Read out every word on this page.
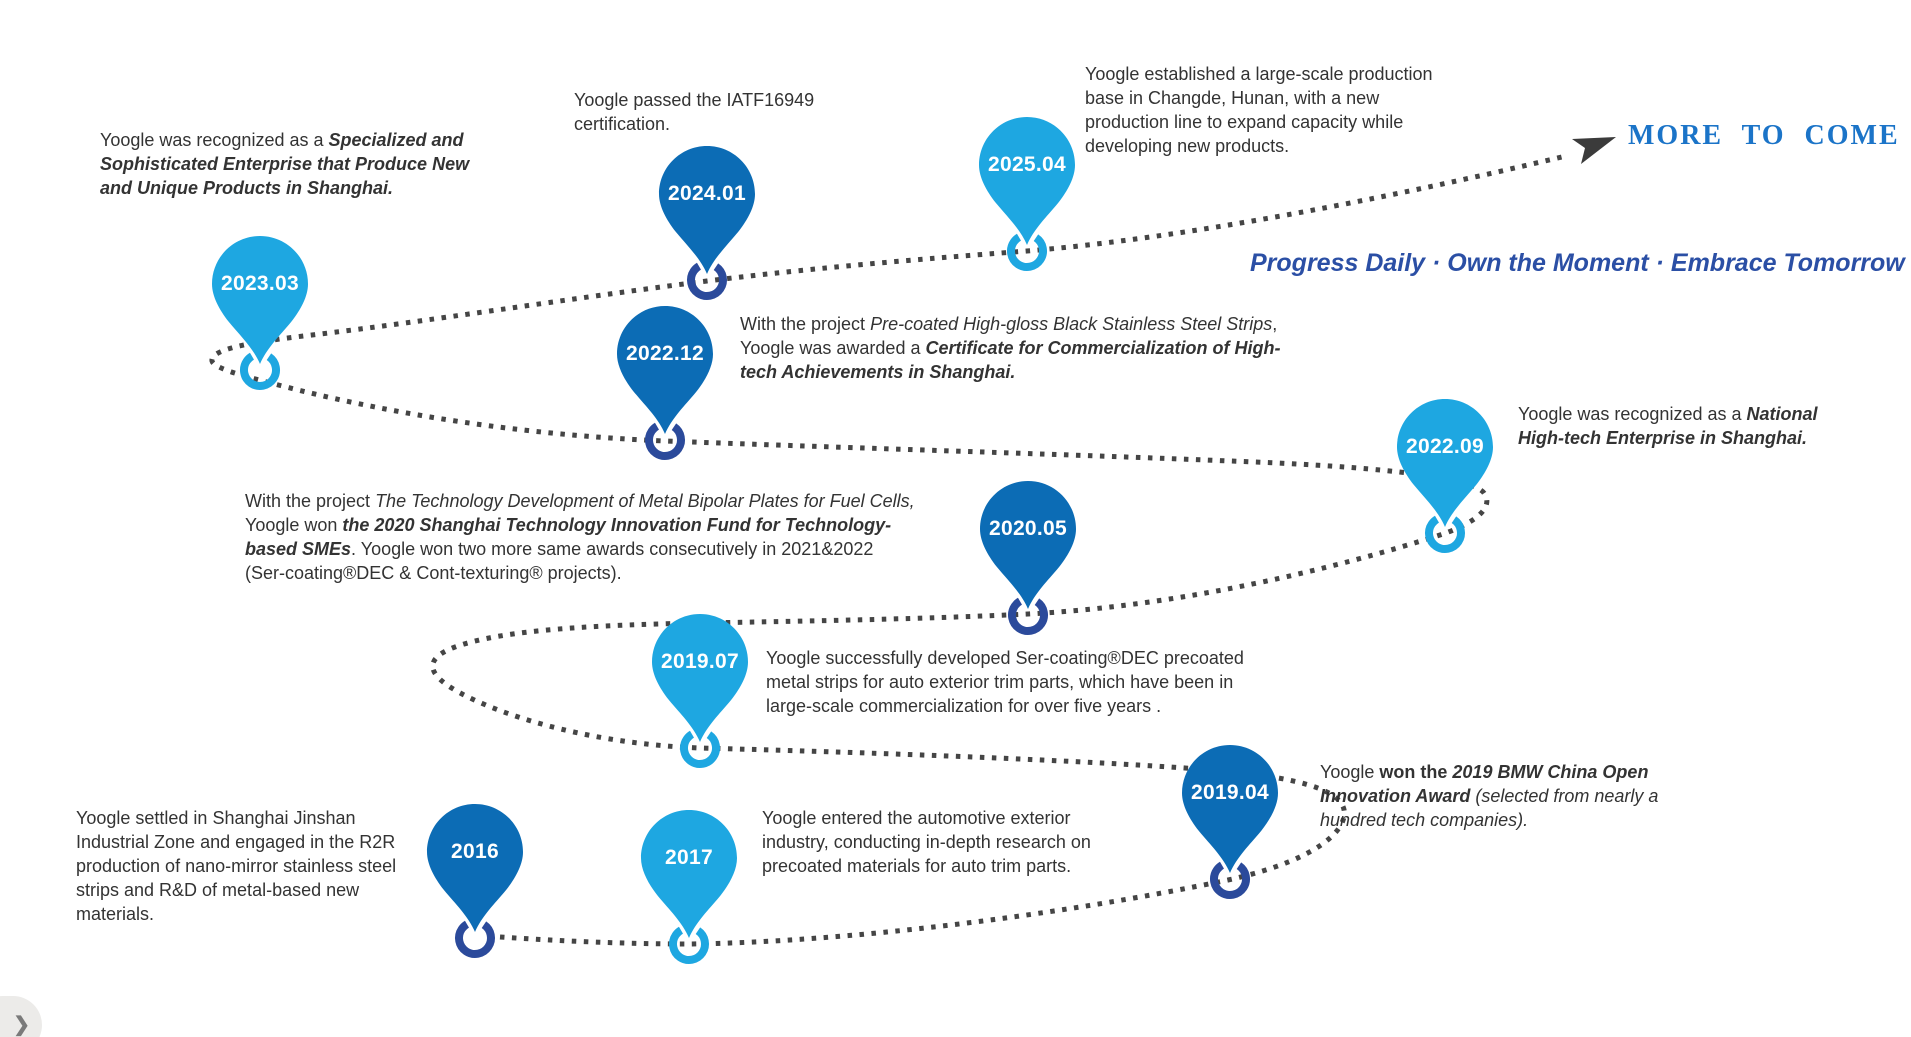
2016	2017
2019.04
2019.07
2020.05
2022.09
2022.12
2023.03
2024.01
2025.04
Yoogle was recognized as a Specialized and Sophisticated Enterprise that Produce New and Unique Products in Shanghai.
Yoogle passed the IATF16949 certification.
Yoogle established a large-scale production base in Changde, Hunan, with a new production line to expand capacity while developing new products.
With the project Pre-coated High-gloss Black Stainless Steel Strips, Yoogle was awarded a Certificate for Commercialization of High-tech Achievements in Shanghai.
Yoogle was recognized as a National High-tech Enterprise in Shanghai.
With the project The Technology Development of Metal Bipolar Plates for Fuel Cells, Yoogle won the 2020 Shanghai Technology Innovation Fund for Technology-based SMEs. Yoogle won two more same awards consecutively in 2021&2022 (Ser-coating®DEC & Cont-texturing® projects).
Yoogle successfully developed Ser-coating®DEC precoated metal strips for auto exterior trim parts, which have been in large-scale commercialization for over five years .
Yoogle won the 2019 BMW China Open Innovation Award (selected from nearly a hundred tech companies).
Yoogle settled in Shanghai Jinshan Industrial Zone and engaged in the R2R production of nano-mirror stainless steel strips and R&D of metal-based new materials.
Yoogle entered the automotive exterior industry, conducting in-depth research on precoated materials for auto trim parts.
MORE TO COME
Progress Daily · Own the Moment · Embrace Tomorrow
❯
